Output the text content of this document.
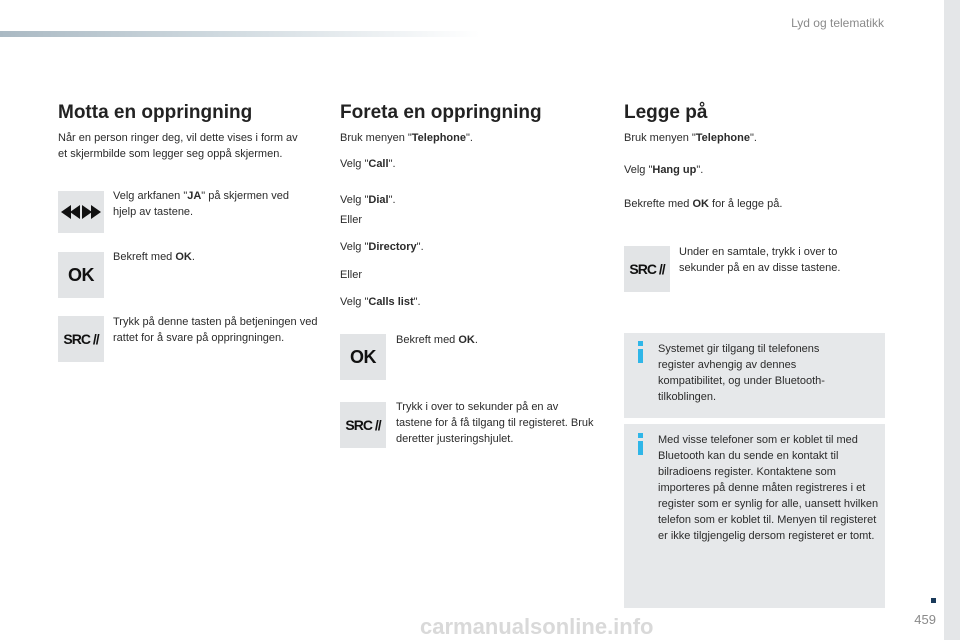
Lyd og telematikk
Motta en oppringning

Når en person ringer deg, vil dette vises i form av et skjermbilde som legger seg oppå skjermen.

Velg arkfanen "JA" på skjermen ved hjelp av tastene.

OK

Bekreft med OK.

SRC //

Trykk på denne tasten på betjeningen ved rattet for å svare på oppringningen.

Foreta en oppringning

Bruk menyen "Telephone".

Velg "Call".

Velg "Dial".

Eller

Velg "Directory".

Eller

Velg "Calls list".

OK

Bekreft med OK.

SRC //

Trykk i over to sekunder på en av tastene for å få tilgang til registeret. Bruk deretter justeringshjulet.

Legge på

Bruk menyen "Telephone".

Velg "Hang up".

Bekrefte med OK for å legge på.

SRC //

Under en samtale, trykk i over to sekunder på en av disse tastene.

Systemet gir tilgang til telefonens register avhengig av dennes kompatibilitet, og under Bluetooth-tilkoblingen.

Med visse telefoner som er koblet til med Bluetooth kan du sende en kontakt til bilradioens register. Kontaktene som importeres på denne måten registreres i et register som er synlig for alle, uansett hvilken telefon som er koblet til. Menyen til registeret er ikke tilgjengelig dersom registeret er tomt.

459
carmanualsonline.info
